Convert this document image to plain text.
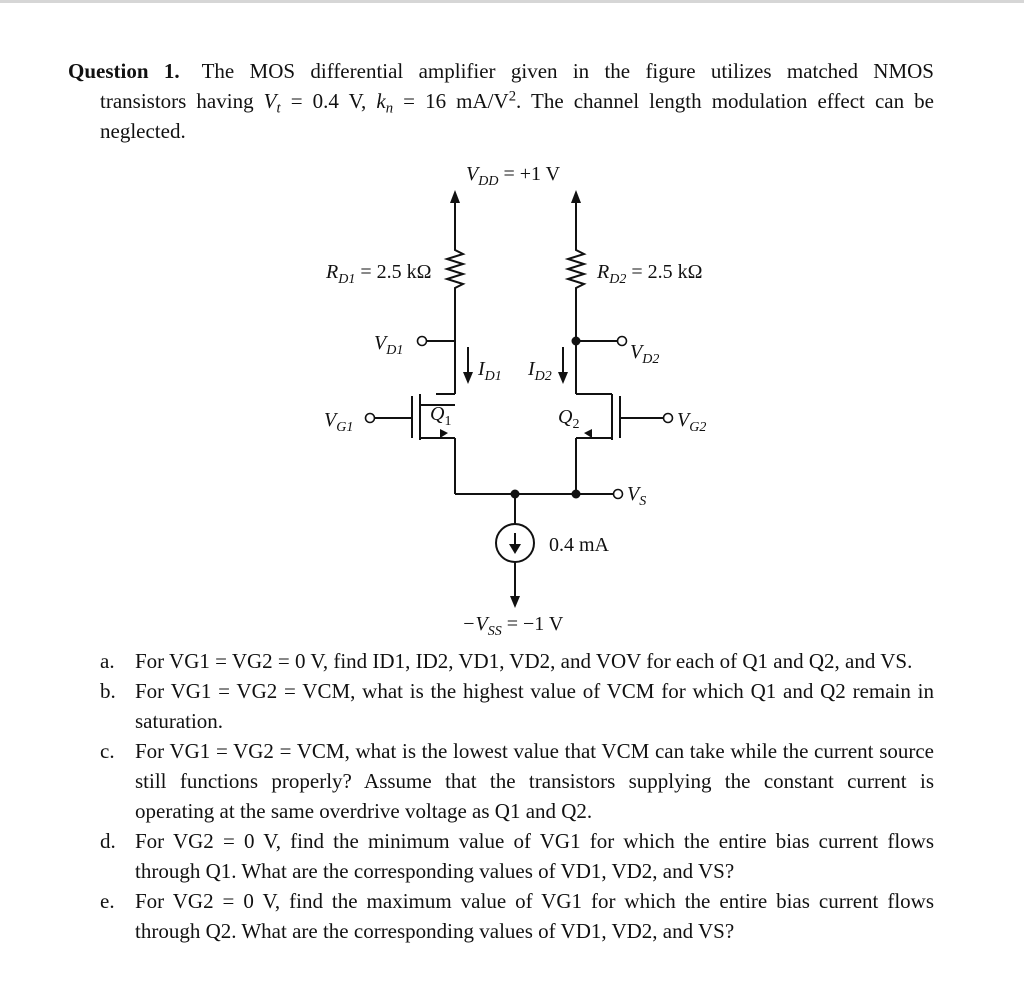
Question 1. The MOS differential amplifier given in the figure utilizes matched NMOS
transistors having $V_t = 0.4$ V, $k_n = 16$ $mA/V^2$. The channel length modulation effect can be
neglected.
$V_{DD} = +1$ V
$R_{D1} = 2.5$ kΩ	$R_{D2} = 2.5$ kΩ
$V_{D1}$	$V_{D2}$
$I_{D1}$ $I_{D2}$
$V_{G1}$	$V_{G2}$
$Q_1$	$Q_2$
$V_S$
0.4 mA
$-V_{SS} = -1$ V
a. For VG1 = VG2 = 0 V, find ID1, ID2, VD1, VD2, and VOV for each of Q1 and Q2, and VS.
b. For VG1 = VG2 = VCM, what is the highest value of VCM for which Q1 and Q2 remain in
saturation.
c. For VG1 = VG2 = VCM, what is the lowest value that VCM can take while the current source
still functions properly? Assume that the transistors supplying the constant current is
operating at the same overdrive voltage as Q1 and Q2.
d. For VG2 = 0 V, find the minimum value of VG1 for which the entire bias current flows
through Q1. What are the corresponding values of VD1, VD2, and VS?
e. For VG2 = 0 V, find the maximum value of VG1 for which the entire bias current flows
through Q2. What are the corresponding values of VD1, VD2, and VS?
